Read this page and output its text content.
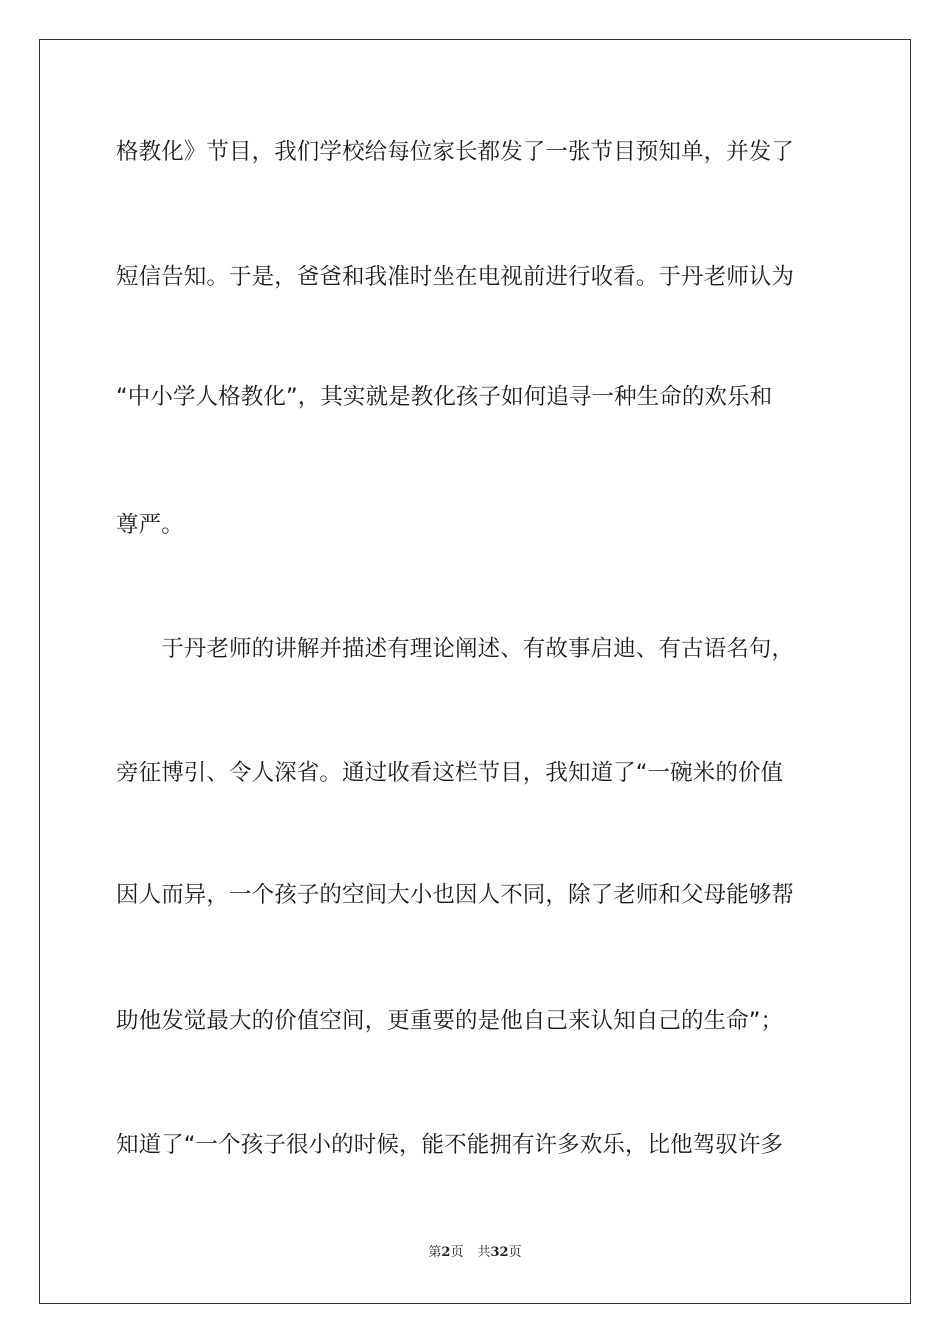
格教化》节目，我们学校给每位家长都发了一张节目预知单，并发了
短信告知。于是，爸爸和我准时坐在电视前进行收看。于丹老师认为
“中小学人格教化”，其实就是教化孩子如何追寻一种生命的欢乐和
尊严。
　　于丹老师的讲解并描述有理论阐述、有故事启迪、有古语名句，
旁征博引、令人深省。通过收看这栏节目，我知道了“一碗米的价值
因人而异，一个孩子的空间大小也因人不同，除了老师和父母能够帮
助他发觉最大的价值空间，更重要的是他自己来认知自己的生命”；
知道了“一个孩子很小的时候，能不能拥有许多欢乐，比他驾驭许多
第2页 共32页
